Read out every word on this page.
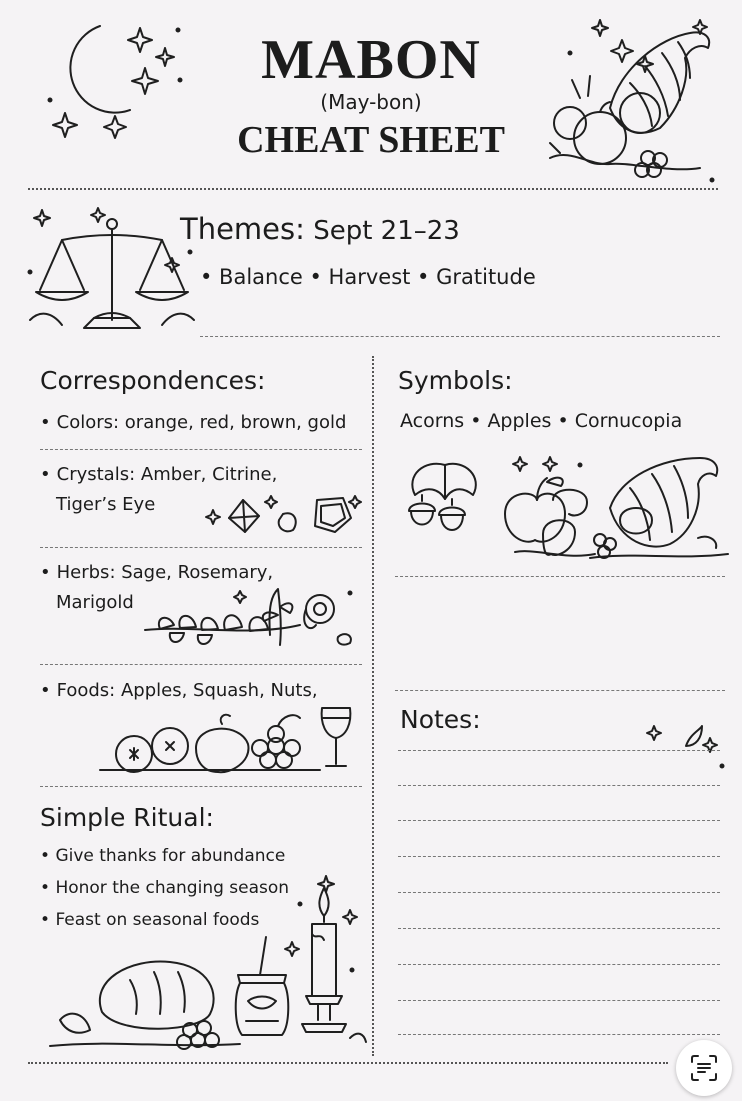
MABON
(May-bon)
CHEAT SHEET
Themes: Sept 21–23
• Balance • Harvest • Gratitude
Correspondences:
• Colors: orange, red, brown, gold
• Crystals: Amber, Citrine,
Tiger’s Eye
• Herbs: Sage, Rosemary,
Marigold
• Foods: Apples, Squash, Nuts,
Symbols:
Acorns • Apples • Cornucopia
Notes:
Simple Ritual:
• Give thanks for abundance
• Honor the changing season
• Feast on seasonal foods
